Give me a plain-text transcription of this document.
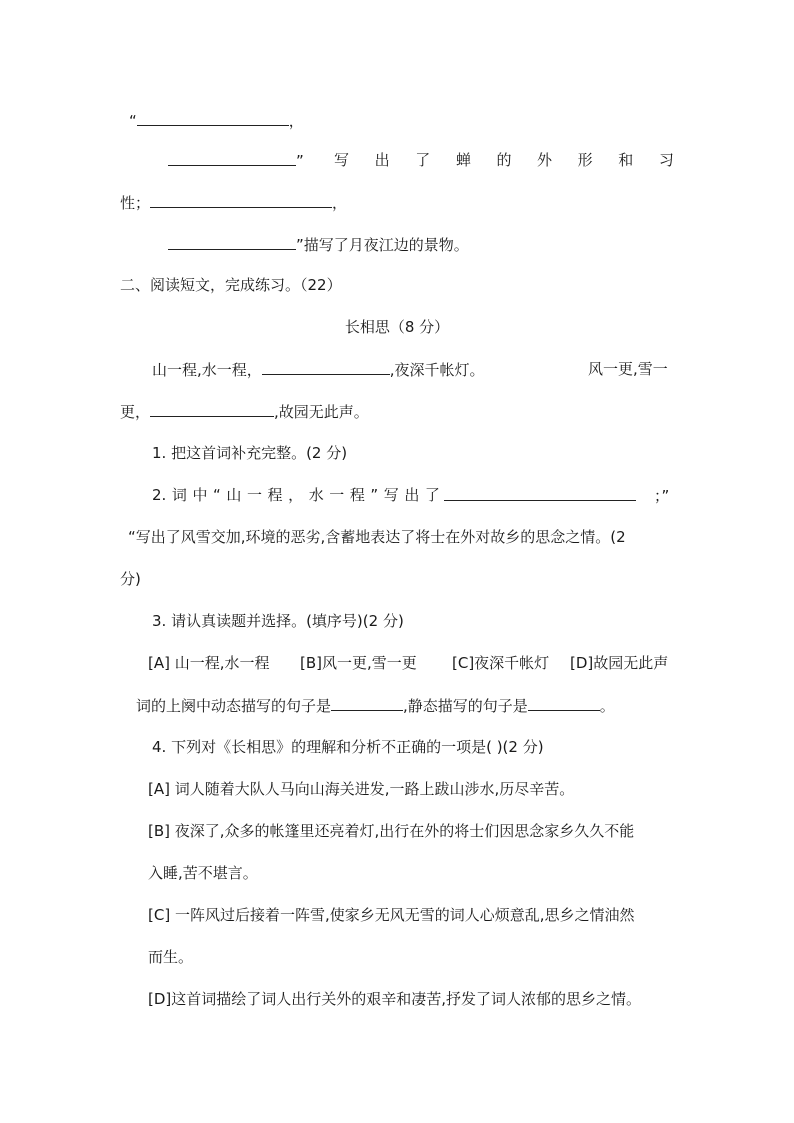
“	，
” 写 出 了 蝉 的 外 形 和 习
性；	，
”描写了月夜江边的景物。
二、阅读短文，完成练习。（22）
长相思（8 分）
山一程,水一程，	,夜深千帐灯。	风一更,雪一
更，	,故园无此声。
1. 把这首词补充完整。(2 分)
2. 词 中 “ 山 一 程 ， 水 一 程 ” 写 出 了	；”
“写出了风雪交加,环境的恶劣,含蓄地表达了将士在外对故乡的思念之情。(2
分)
3. 请认真读题并选择。(填序号)(2 分)
[A] 山一程,水一程 [B]风一更,雪一更 [C]夜深千帐灯 [D]故园无此声
词的上阕中动态描写的句子是	,静态描写的句子是	。
4. 下列对《长相思》的理解和分析不正确的一项是( )(2 分)
[A] 词人随着大队人马向山海关进发,一路上跋山涉水,历尽辛苦。
[B] 夜深了,众多的帐篷里还亮着灯,出行在外的将士们因思念家乡久久不能
入睡,苦不堪言。
[C] 一阵风过后接着一阵雪,使家乡无风无雪的词人心烦意乱,思乡之情油然
而生。
[D]这首词描绘了词人出行关外的艰辛和凄苦,抒发了词人浓郁的思乡之情。
